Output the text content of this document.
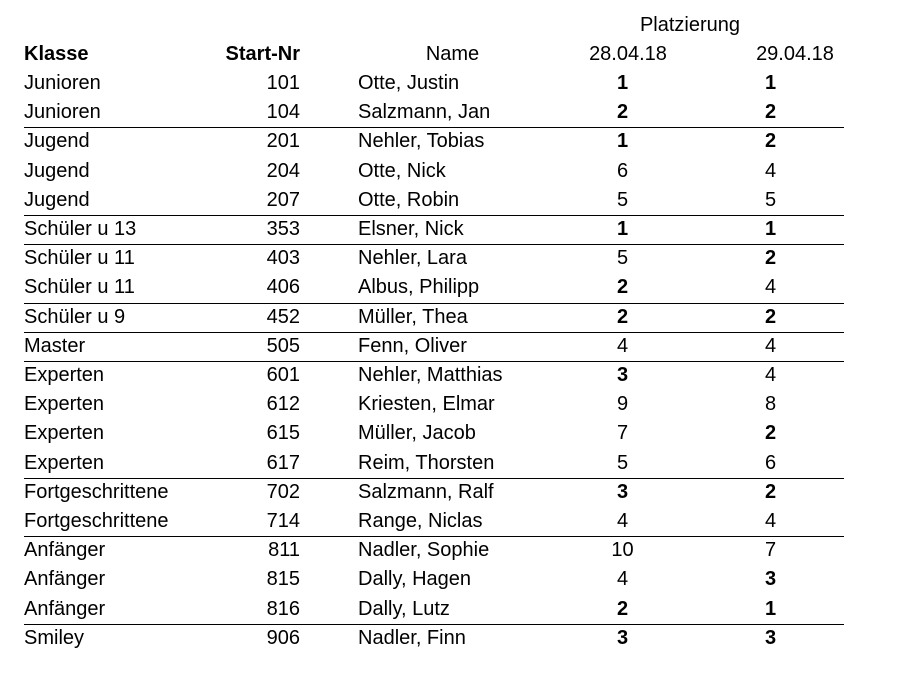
Platzierung
Klasse	Start-Nr	Name	28.04.18	29.04.18
Junioren	101	Otte, Justin	1	1
Junioren	104	Salzmann, Jan	2	2
Jugend	201	Nehler, Tobias	1	2
Jugend	204	Otte, Nick	6	4
Jugend	207	Otte, Robin	5	5
Schüler u 13	353	Elsner, Nick	1	1
Schüler u 11	403	Nehler, Lara	5	2
Schüler u 11	406	Albus, Philipp	2	4
Schüler u 9	452	Müller, Thea	2	2
Master	505	Fenn, Oliver	4	4
Experten	601	Nehler, Matthias	3	4
Experten	612	Kriesten, Elmar	9	8
Experten	615	Müller, Jacob	7	2
Experten	617	Reim, Thorsten	5	6
Fortgeschrittene	702	Salzmann, Ralf	3	2
Fortgeschrittene	714	Range, Niclas	4	4
Anfänger	811	Nadler, Sophie	10	7
Anfänger	815	Dally, Hagen	4	3
Anfänger	816	Dally, Lutz	2	1
Smiley	906	Nadler, Finn	3	3
